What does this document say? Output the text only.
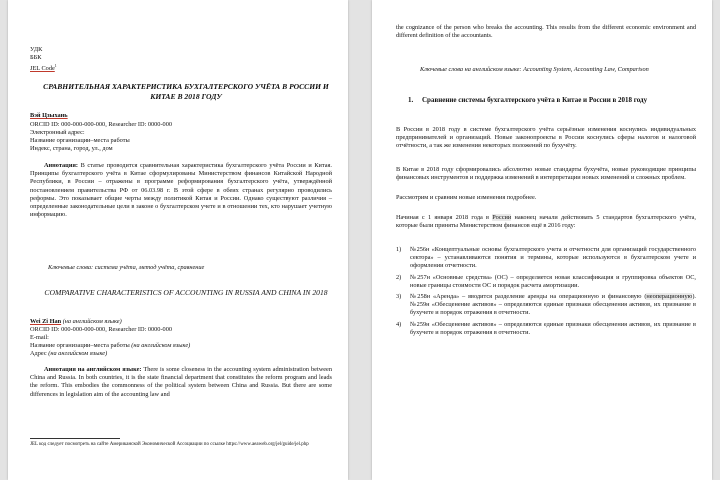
УДК
ББК
JEL Code$^1$
СРАВНИТЕЛЬНАЯ ХАРАКТЕРИСТИКА БУХГАЛТЕРСКОГО УЧЁТА В РОССИИ И КИТАЕ В 2018 ГОДУ
Вэй Цзыхань
ORCID ID: 000-000-000-000, Researcher ID: 0000-000
Электронный адрес:
Название организации–места работы
Индекс, страна, город, ул., дом
Аннотация: В статье проводится сравнительная характеристика бухгалтерского учёта России и Китая. Принципы бухгалтерского учёта в Китае сформулированы Министерством финансов Китайской Народной Республики, в России – отражены в программе реформирования бухгалтерского учёта, утверждённой постановлением правительства РФ от 06.03.98 г. В этой сфере в обеих странах регулярно проводились реформы. Это показывает общие черты между политикой Китая и России. Однако существуют различия – определенные законодательные цели в законе о бухгалтерском учете и в отношении тех, кто нарушает учетную информацию.
Ключевые слова: система учёта, метод учёта, сравнение
COMPARATIVE CHARACTERISTICS OF ACCOUNTING IN RUSSIA AND CHINA IN 2018
Wei Zi Han (на английском языке)
ORCID ID: 000-000-000-000, Researcher ID: 0000-000
E-mail:
Название организации–места работы (на английском языке)
Адрес (на английском языке)
Аннотация на английском языке: There is some closeness in the accounting system administration between China and Russia. In both countries, it is the state financial department that constitutes the reform program and leads the reform. This embodies the commonness of the political system between China and Russia. But there are some differences in legislation aim of the accounting law and
JEL код следует посмотреть на сайте Американской Экономической Ассоциации по ссылке https://www.aeaweb.org/jel/guide/jel.php
the cognizance of the person who breaks the accounting. This results from the different economic environment and different definition of the accountants.
Ключевые слова на английском языке: Accounting System, Accounting Law, Comparison
1.	Сравнение системы бухгалтерского учёта в Китае и России в 2018 году
В России в 2018 году в системе бухгалтерского учёта серьёзные изменения коснулись индивидуальных предпринимателей и организаций. Новые законопроекты в России коснулись сферы налогов и налоговой отчётности, а так же изменения некоторых положений по бухучёту.
В Китае в 2018 году сформировались абсолютно новые стандарты бухучёта, новые руководящие принципы финансовых инструментов и поддержка изменений в интерпретации новых изменений и сложных проблем.
Рассмотрим и сравним новые изменения подробнее.
Начиная с 1 января 2018 года в России наконец начали действовать 5 стандартов бухгалтерского учёта, которые были приняты Министерством финансов ещё в 2016 году:
1)	№256н «Концептуальные основы бухгалтерского учета и отчетности для организаций государственного сектора» – устанавливаются понятия и термины, которые используются в бухгалтерском учете и оформлении отчетности.
2)	№257н «Основные средства» (ОС) – определяется новая классификация и группировка объектов ОС, новые границы стоимости ОС и порядок расчета амортизации.
3)	№258н «Аренда» – вводится разделение аренды на операционную и финансовую (неоперационную). №259н «Обесценение активов» – определяются единые признаки обесценения активов, их признание в бухучете и порядок отражения в отчетности.
4)	№259н «Обесценение активов» – определяются единые признаки обесценения активов, их признание в бухучете и порядок отражения в отчетности.
